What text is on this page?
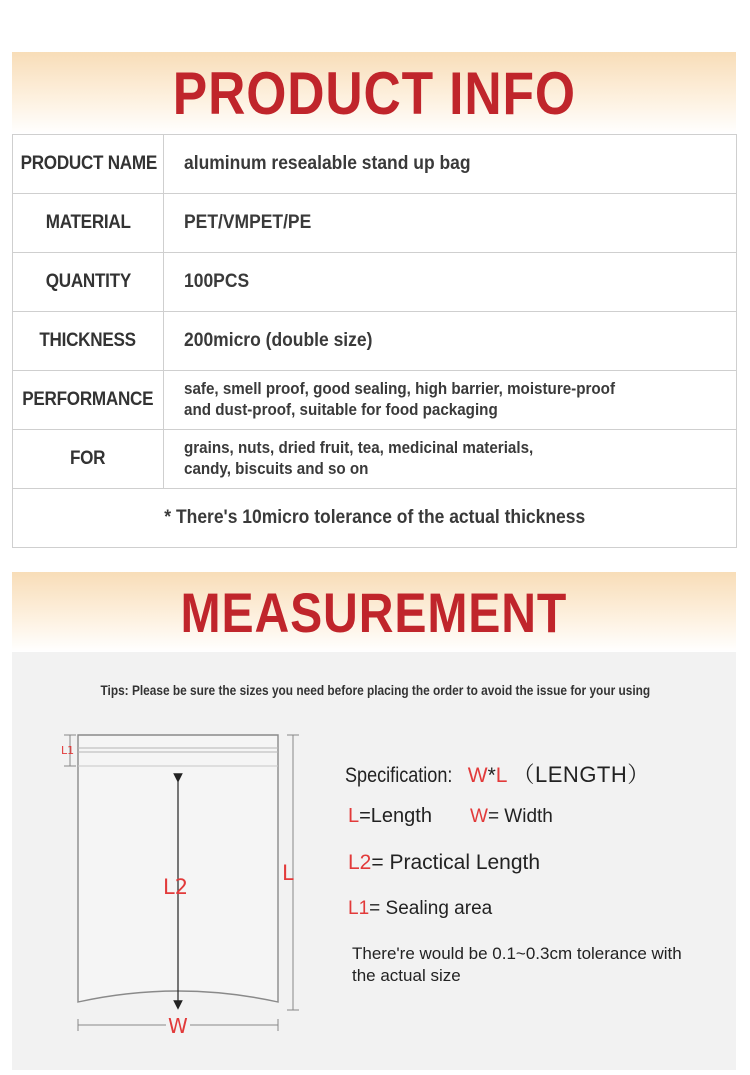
PRODUCT INFO
PRODUCT NAME	aluminum resealable stand up bag
MATERIAL	PET/VMPET/PE
QUANTITY	100PCS
THICKNESS	200micro (double size)
PERFORMANCE	safe, smell proof, good sealing, high barrier, moisture-proof
and dust-proof, suitable for food packaging
FOR	grains, nuts, dried fruit, tea, medicinal materials,
candy, biscuits and so on
* There's 10micro tolerance of the actual thickness	
MEASUREMENT
Tips: Please be sure the sizes you need before placing the order to avoid the issue for your using
L1
L2
L
W
Specification: W*L （LENGTH）
L=Length W= Width
L2= Practical Length
L1= Sealing area
There're would be 0.1~0.3cm tolerance with the actual size
